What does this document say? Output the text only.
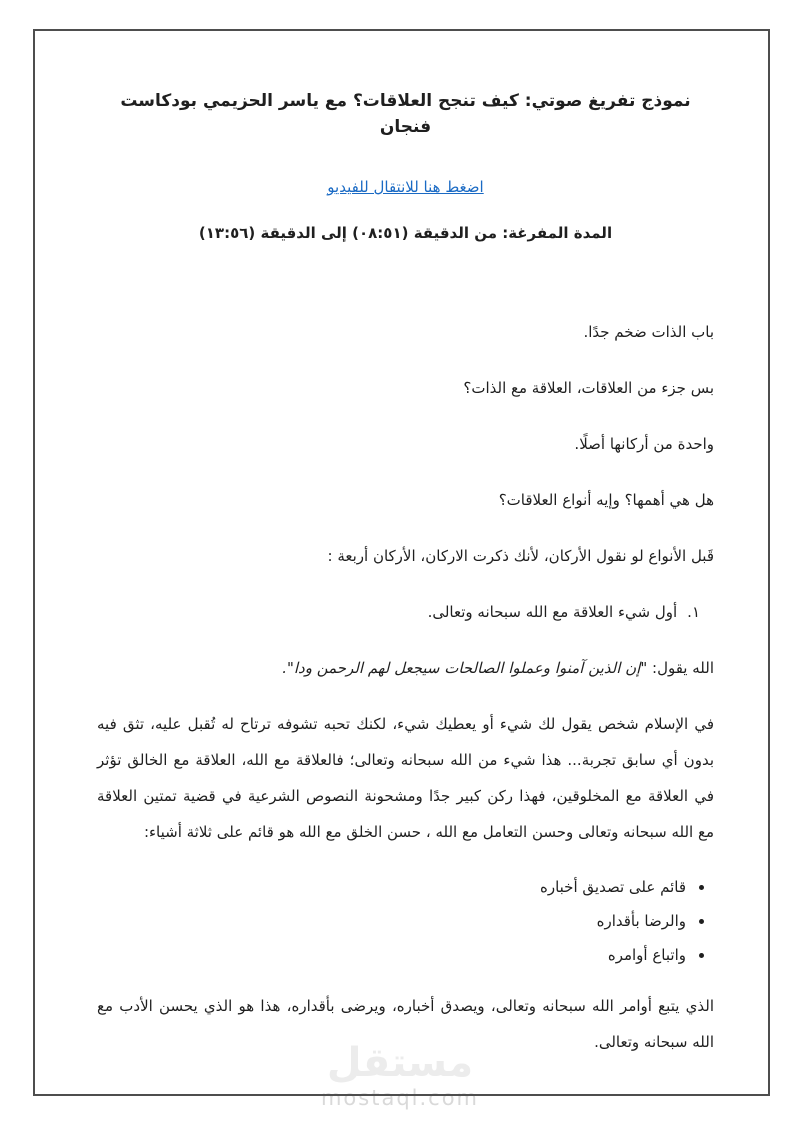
مستقل
mostaql.com
نموذج تفريغ صوتي: كيف تنجح العلاقات؟ مع ياسر الحزيمي بودكاست فنجان
اضغط هنا للانتقال للفيديو
المدة المفرغة: من الدقيقة (٠٨:٥١) إلى الدقيقة (١٣:٥٦)

باب الذات ضخم جدًا.

بس جزء من العلاقات، العلاقة مع الذات؟

واحدة من أركانها أصلًا.

هل هي أهمها؟ وإيه أنواع العلاقات؟

قَبل الأنواع لو نقول الأركان، لأنك ذكرت الاركان، الأركان أربعة :

١.أول شيء العلاقة مع الله سبحانه وتعالى.

الله يقول: "إن الذين آمنوا وعملوا الصالحات سيجعل لهم الرحمن ودا".

في الإسلام شخص يقول لك شيء أو يعطيك شيء، لكنك تحبه تشوفه ترتاح له تُقبل عليه، تثق فيه بدون أي سابق تجربة... هذا شيء من الله سبحانه وتعالى؛ فالعلاقة مع الله، العلاقة مع الخالق تؤثر في العلاقة مع المخلوقين، فهذا ركن كبير جدًا ومشحونة النصوص الشرعية في قضية تمتين العلاقة مع الله سبحانه وتعالى وحسن التعامل مع الله ، حسن الخلق مع الله هو قائم على ثلاثة أشياء:

• قائم على تصديق أخباره
• والرضا بأقداره
• واتباع أوامره

الذي يتبع أوامر الله سبحانه وتعالى، ويصدق أخباره، ويرضى بأقداره، هذا هو الذي يحسن الأدب مع الله سبحانه وتعالى.
